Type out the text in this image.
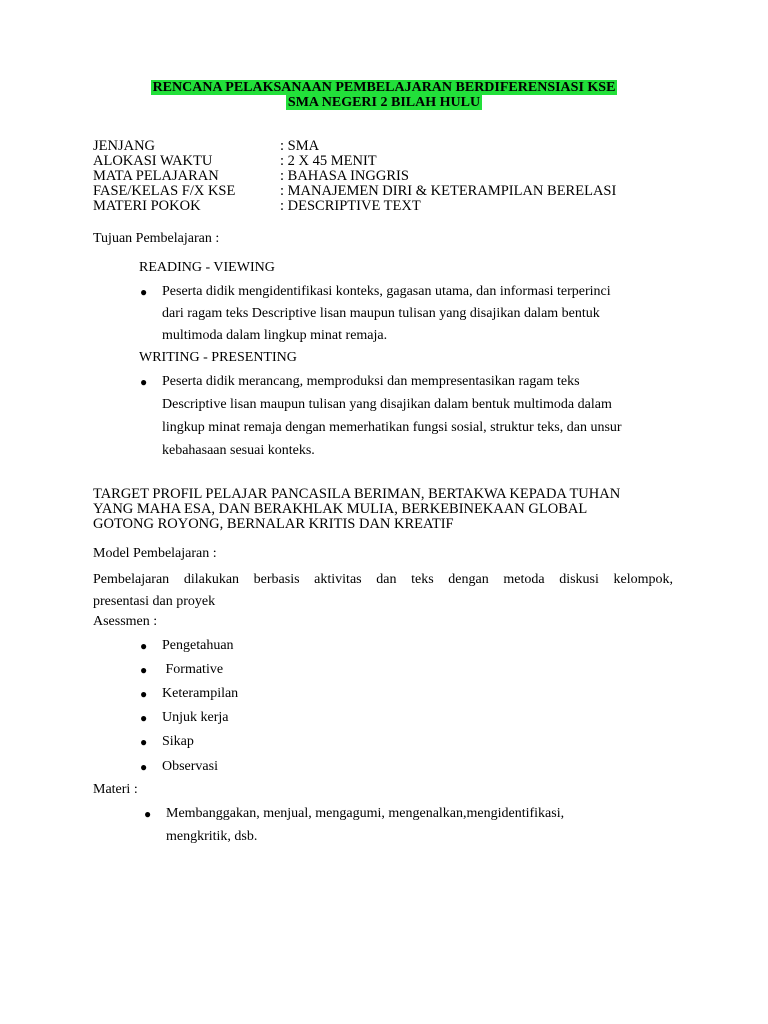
RENCANA PELAKSANAAN PEMBELAJARAN BERDIFERENSIASI KSE
SMA NEGERI 2 BILAH HULU
JENJANG	: SMA
ALOKASI WAKTU	: 2 X 45 MENIT
MATA PELAJARAN	: BAHASA INGGRIS
FASE/KELAS F/X KSE	: MANAJEMEN DIRI & KETERAMPILAN BERELASI
MATERI POKOK	: DESCRIPTIVE TEXT
Tujuan Pembelajaran :
READING - VIEWING
● Peserta didik mengidentifikasi konteks, gagasan utama, dan informasi terperinci
dari ragam teks Descriptive lisan maupun tulisan yang disajikan dalam bentuk
multimoda dalam lingkup minat remaja.
WRITING - PRESENTING
● Peserta didik merancang, memproduksi dan mempresentasikan ragam teks
Descriptive lisan maupun tulisan yang disajikan dalam bentuk multimoda dalam
lingkup minat remaja dengan memerhatikan fungsi sosial, struktur teks, dan unsur
kebahasaan sesuai konteks.
TARGET PROFIL PELAJAR PANCASILA BERIMAN, BERTAKWA KEPADA TUHAN
YANG MAHA ESA, DAN BERAKHLAK MULIA, BERKEBINEKAAN GLOBAL
GOTONG ROYONG, BERNALAR KRITIS DAN KREATIF
Model Pembelajaran :
Pembelajaran dilakukan berbasis aktivitas dan teks dengan metoda diskusi kelompok,
presentasi dan proyek
Asessmen :
● Pengetahuan
● Formative
● Keterampilan
● Unjuk kerja
● Sikap
● Observasi
Materi :
● Membanggakan, menjual, mengagumi, mengenalkan,mengidentifikasi,
mengkritik, dsb.
